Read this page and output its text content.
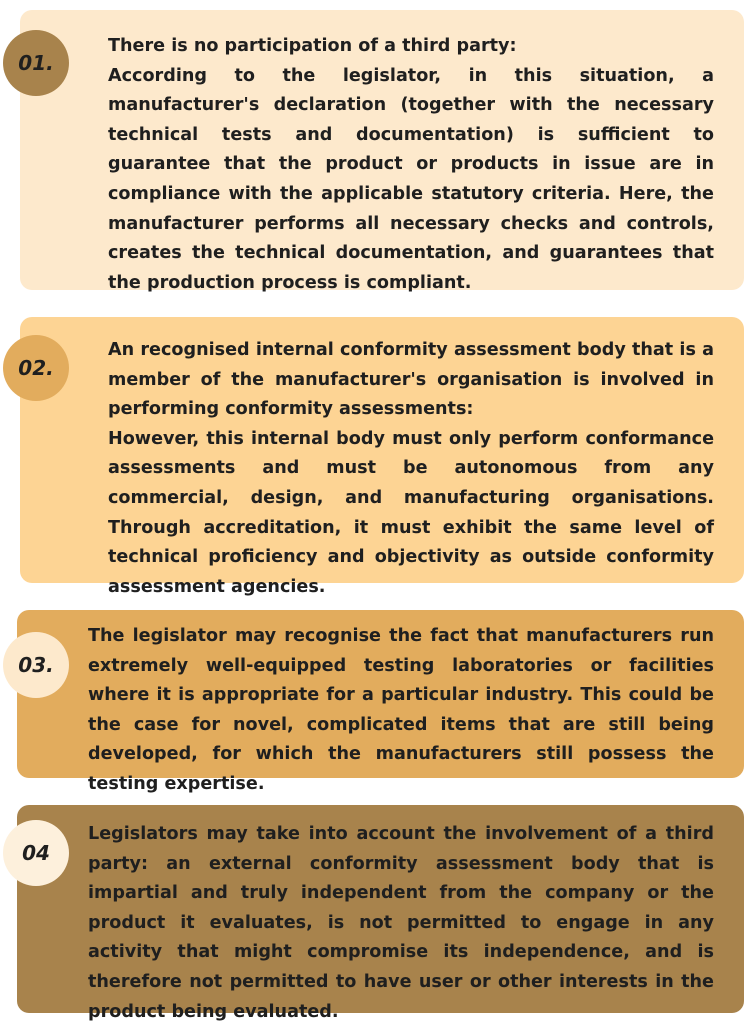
There is no participation of a third party:
According to the legislator, in this situation, a manufacturer's declaration (together with the necessary technical tests and documentation) is sufficient to guarantee that the product or products in issue are in compliance with the applicable statutory criteria. Here, the manufacturer performs all necessary checks and controls, creates the technical documentation, and guarantees that the production process is compliant.

01.

An recognised internal conformity assessment body that is a member of the manufacturer's organisation is involved in performing conformity assessments:
However, this internal body must only perform conformance assessments and must be autonomous from any commercial, design, and manufacturing organisations. Through accreditation, it must exhibit the same level of technical proficiency and objectivity as outside conformity assessment agencies.

02.

The legislator may recognise the fact that manufacturers run extremely well-equipped testing laboratories or facilities where it is appropriate for a particular industry. This could be the case for novel, complicated items that are still being developed, for which the manufacturers still possess the testing expertise.

03.

Legislators may take into account the involvement of a third party: an external conformity assessment body that is impartial and truly independent from the company or the product it evaluates, is not permitted to engage in any activity that might compromise its independence, and is therefore not permitted to have user or other interests in the product being evaluated.

04
